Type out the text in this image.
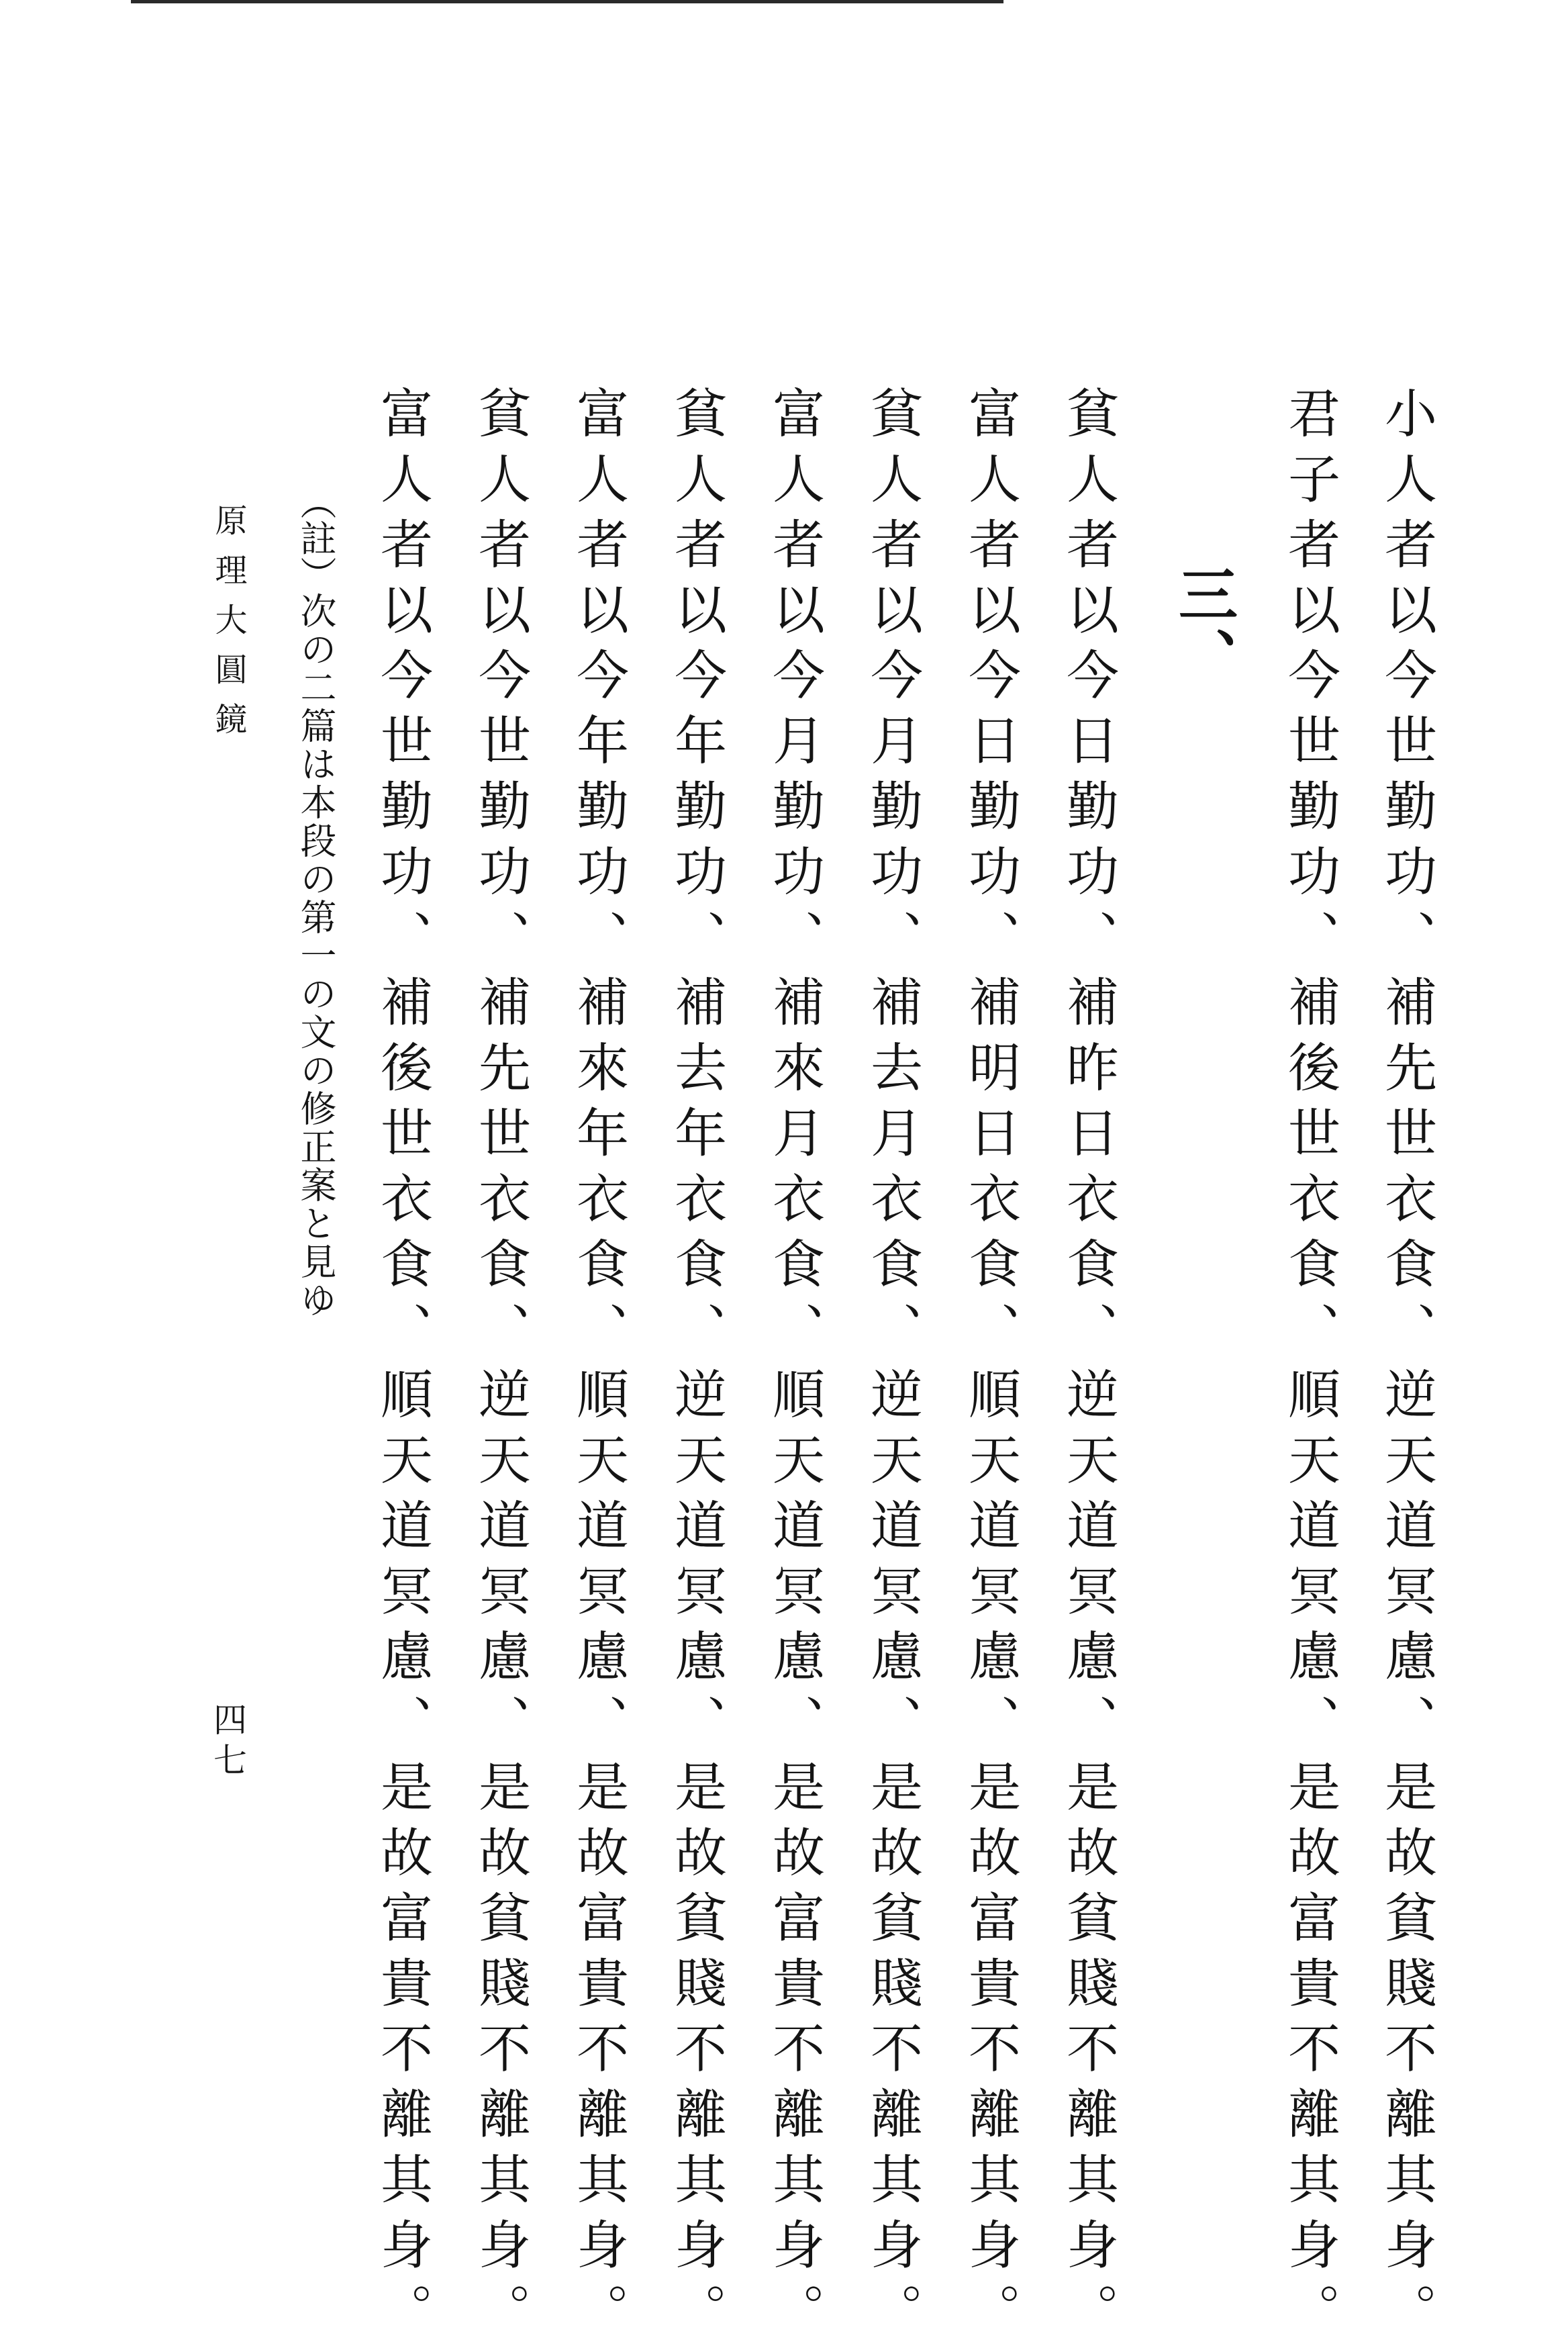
小人者以今世勤功、補先世衣食、逆天道冥慮、是故貧賤不離其身。
君子者以今世勤功、補後世衣食、順天道冥慮、是故富貴不離其身。
三、
貧人者以今日勤功、補昨日衣食、逆天道冥慮、是故貧賤不離其身。
富人者以今日勤功、補明日衣食、順天道冥慮、是故富貴不離其身。
貧人者以今月勤功、補去月衣食、逆天道冥慮、是故貧賤不離其身。
富人者以今月勤功、補來月衣食、順天道冥慮、是故富貴不離其身。
貧人者以今年勤功、補去年衣食、逆天道冥慮、是故貧賤不離其身。
富人者以今年勤功、補來年衣食、順天道冥慮、是故富貴不離其身。
貧人者以今世勤功、補先世衣食、逆天道冥慮、是故貧賤不離其身。
富人者以今世勤功、補後世衣食、順天道冥慮、是故富貴不離其身。
（註）次の二篇は本段の第一の文の修正案と見ゆ
原理大圓鏡
四七
